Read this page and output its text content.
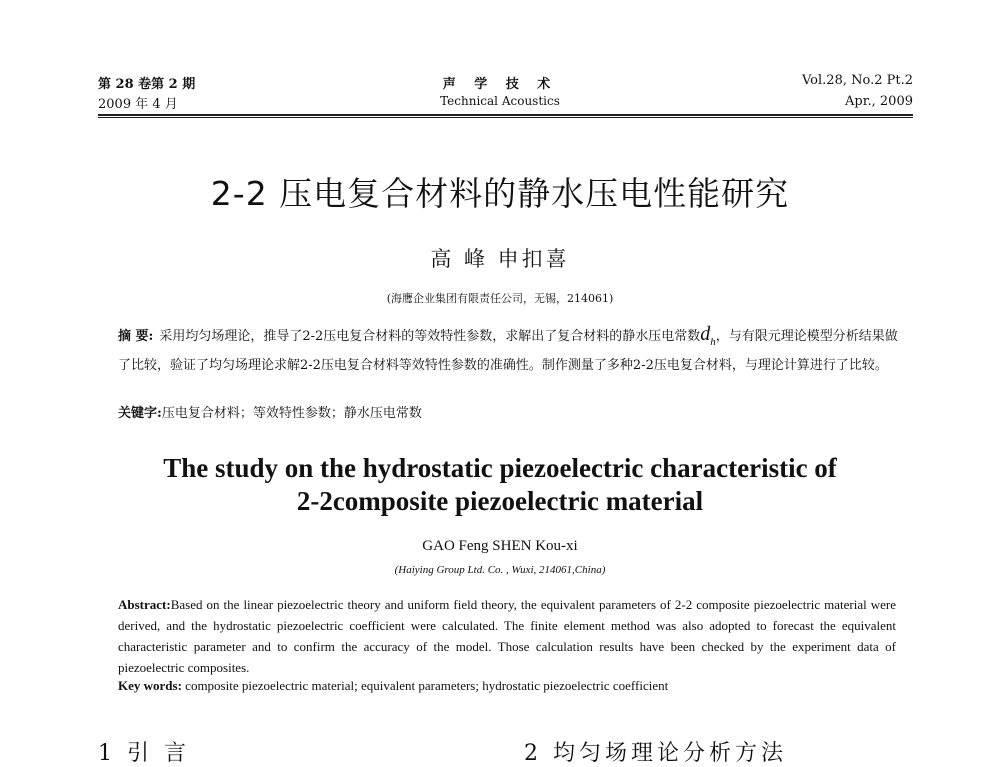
第 28 卷第 2 期
2009 年 4 月
声 学 技 术
Technical Acoustics
Vol.28, No.2 Pt.2
Apr., 2009
2-2 压电复合材料的静水压电性能研究
高 峰 申扣喜
(海鹰企业集团有限责任公司，无锡，214061)
摘 要: 采用均匀场理论，推导了2-2压电复合材料的等效特性参数，求解出了复合材料的静水压电常数$d_h$，与有限元理论模型分析结果做了比较，验证了均匀场理论求解2-2压电复合材料等效特性参数的准确性。制作测量了多种2-2压电复合材料，与理论计算进行了比较。
关键字:压电复合材料；等效特性参数；静水压电常数
The study on the hydrostatic piezoelectric characteristic of
2-2composite piezoelectric material
GAO Feng SHEN Kou-xi
(Haiying Group Ltd. Co. , Wuxi, 214061,China)
Abstract:Based on the linear piezoelectric theory and uniform field theory, the equivalent parameters of 2-2 composite piezoelectric material were derived, and the hydrostatic piezoelectric coefficient were calculated. The finite element method was also adopted to forecast the equivalent characteristic parameter and to confirm the accuracy of the model. Those calculation results have been checked by the experiment data of piezoelectric composites.
Key words: composite piezoelectric material; equivalent parameters; hydrostatic piezoelectric coefficient
1 引 言	2 均匀场理论分析方法
